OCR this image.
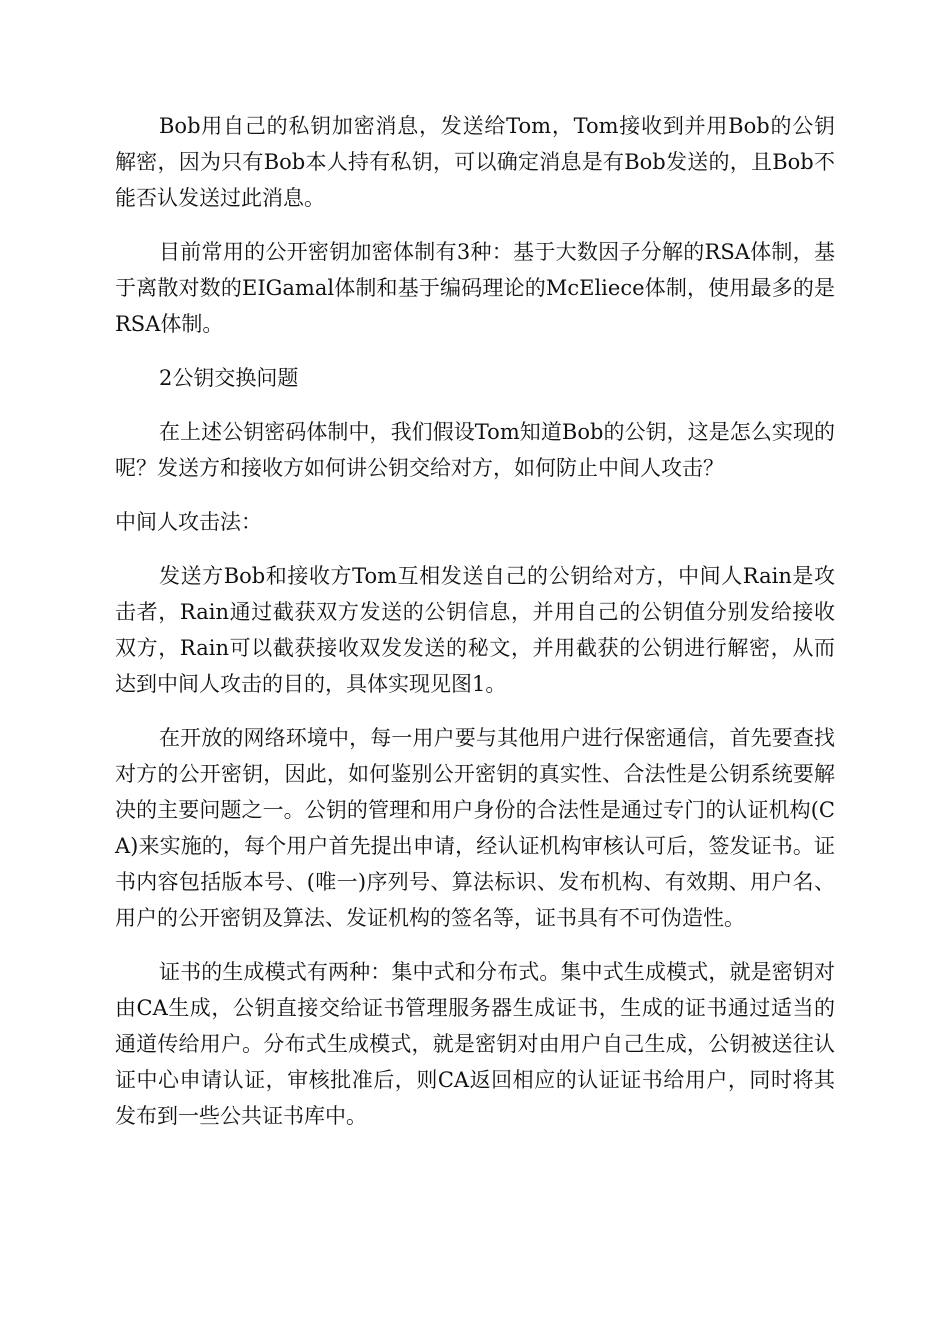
Bob用自己的私钥加密消息，发送给Tom，Tom接收到并用Bob的公钥解密，因为只有Bob本人持有私钥，可以确定消息是有Bob发送的，且Bob不能否认发送过此消息。

目前常用的公开密钥加密体制有3种：基于大数因子分解的RSA体制，基于离散对数的EIGamal体制和基于编码理论的McEliece体制，使用最多的是RSA体制。

2公钥交换问题

在上述公钥密码体制中，我们假设Tom知道Bob的公钥，这是怎么实现的呢？发送方和接收方如何讲公钥交给对方，如何防止中间人攻击？

中间人攻击法：

发送方Bob和接收方Tom互相发送自己的公钥给对方，中间人Rain是攻击者，Rain通过截获双方发送的公钥信息，并用自己的公钥值分别发给接收双方，Rain可以截获接收双发发送的秘文，并用截获的公钥进行解密，从而达到中间人攻击的目的，具体实现见图1。

在开放的网络环境中，每一用户要与其他用户进行保密通信，首先要查找对方的公开密钥，因此，如何鉴别公开密钥的真实性、合法性是公钥系统要解决的主要问题之一。公钥的管理和用户身份的合法性是通过专门的认证机构(CA)来实施的，每个用户首先提出申请，经认证机构审核认可后，签发证书。证书内容包括版本号、(唯一)序列号、算法标识、发布机构、有效期、用户名、用户的公开密钥及算法、发证机构的签名等，证书具有不可伪造性。

证书的生成模式有两种：集中式和分布式。集中式生成模式，就是密钥对由CA生成，公钥直接交给证书管理服务器生成证书，生成的证书通过适当的通道传给用户。分布式生成模式，就是密钥对由用户自己生成，公钥被送往认证中心申请认证，审核批准后，则CA返回相应的认证证书给用户，同时将其发布到一些公共证书库中。
